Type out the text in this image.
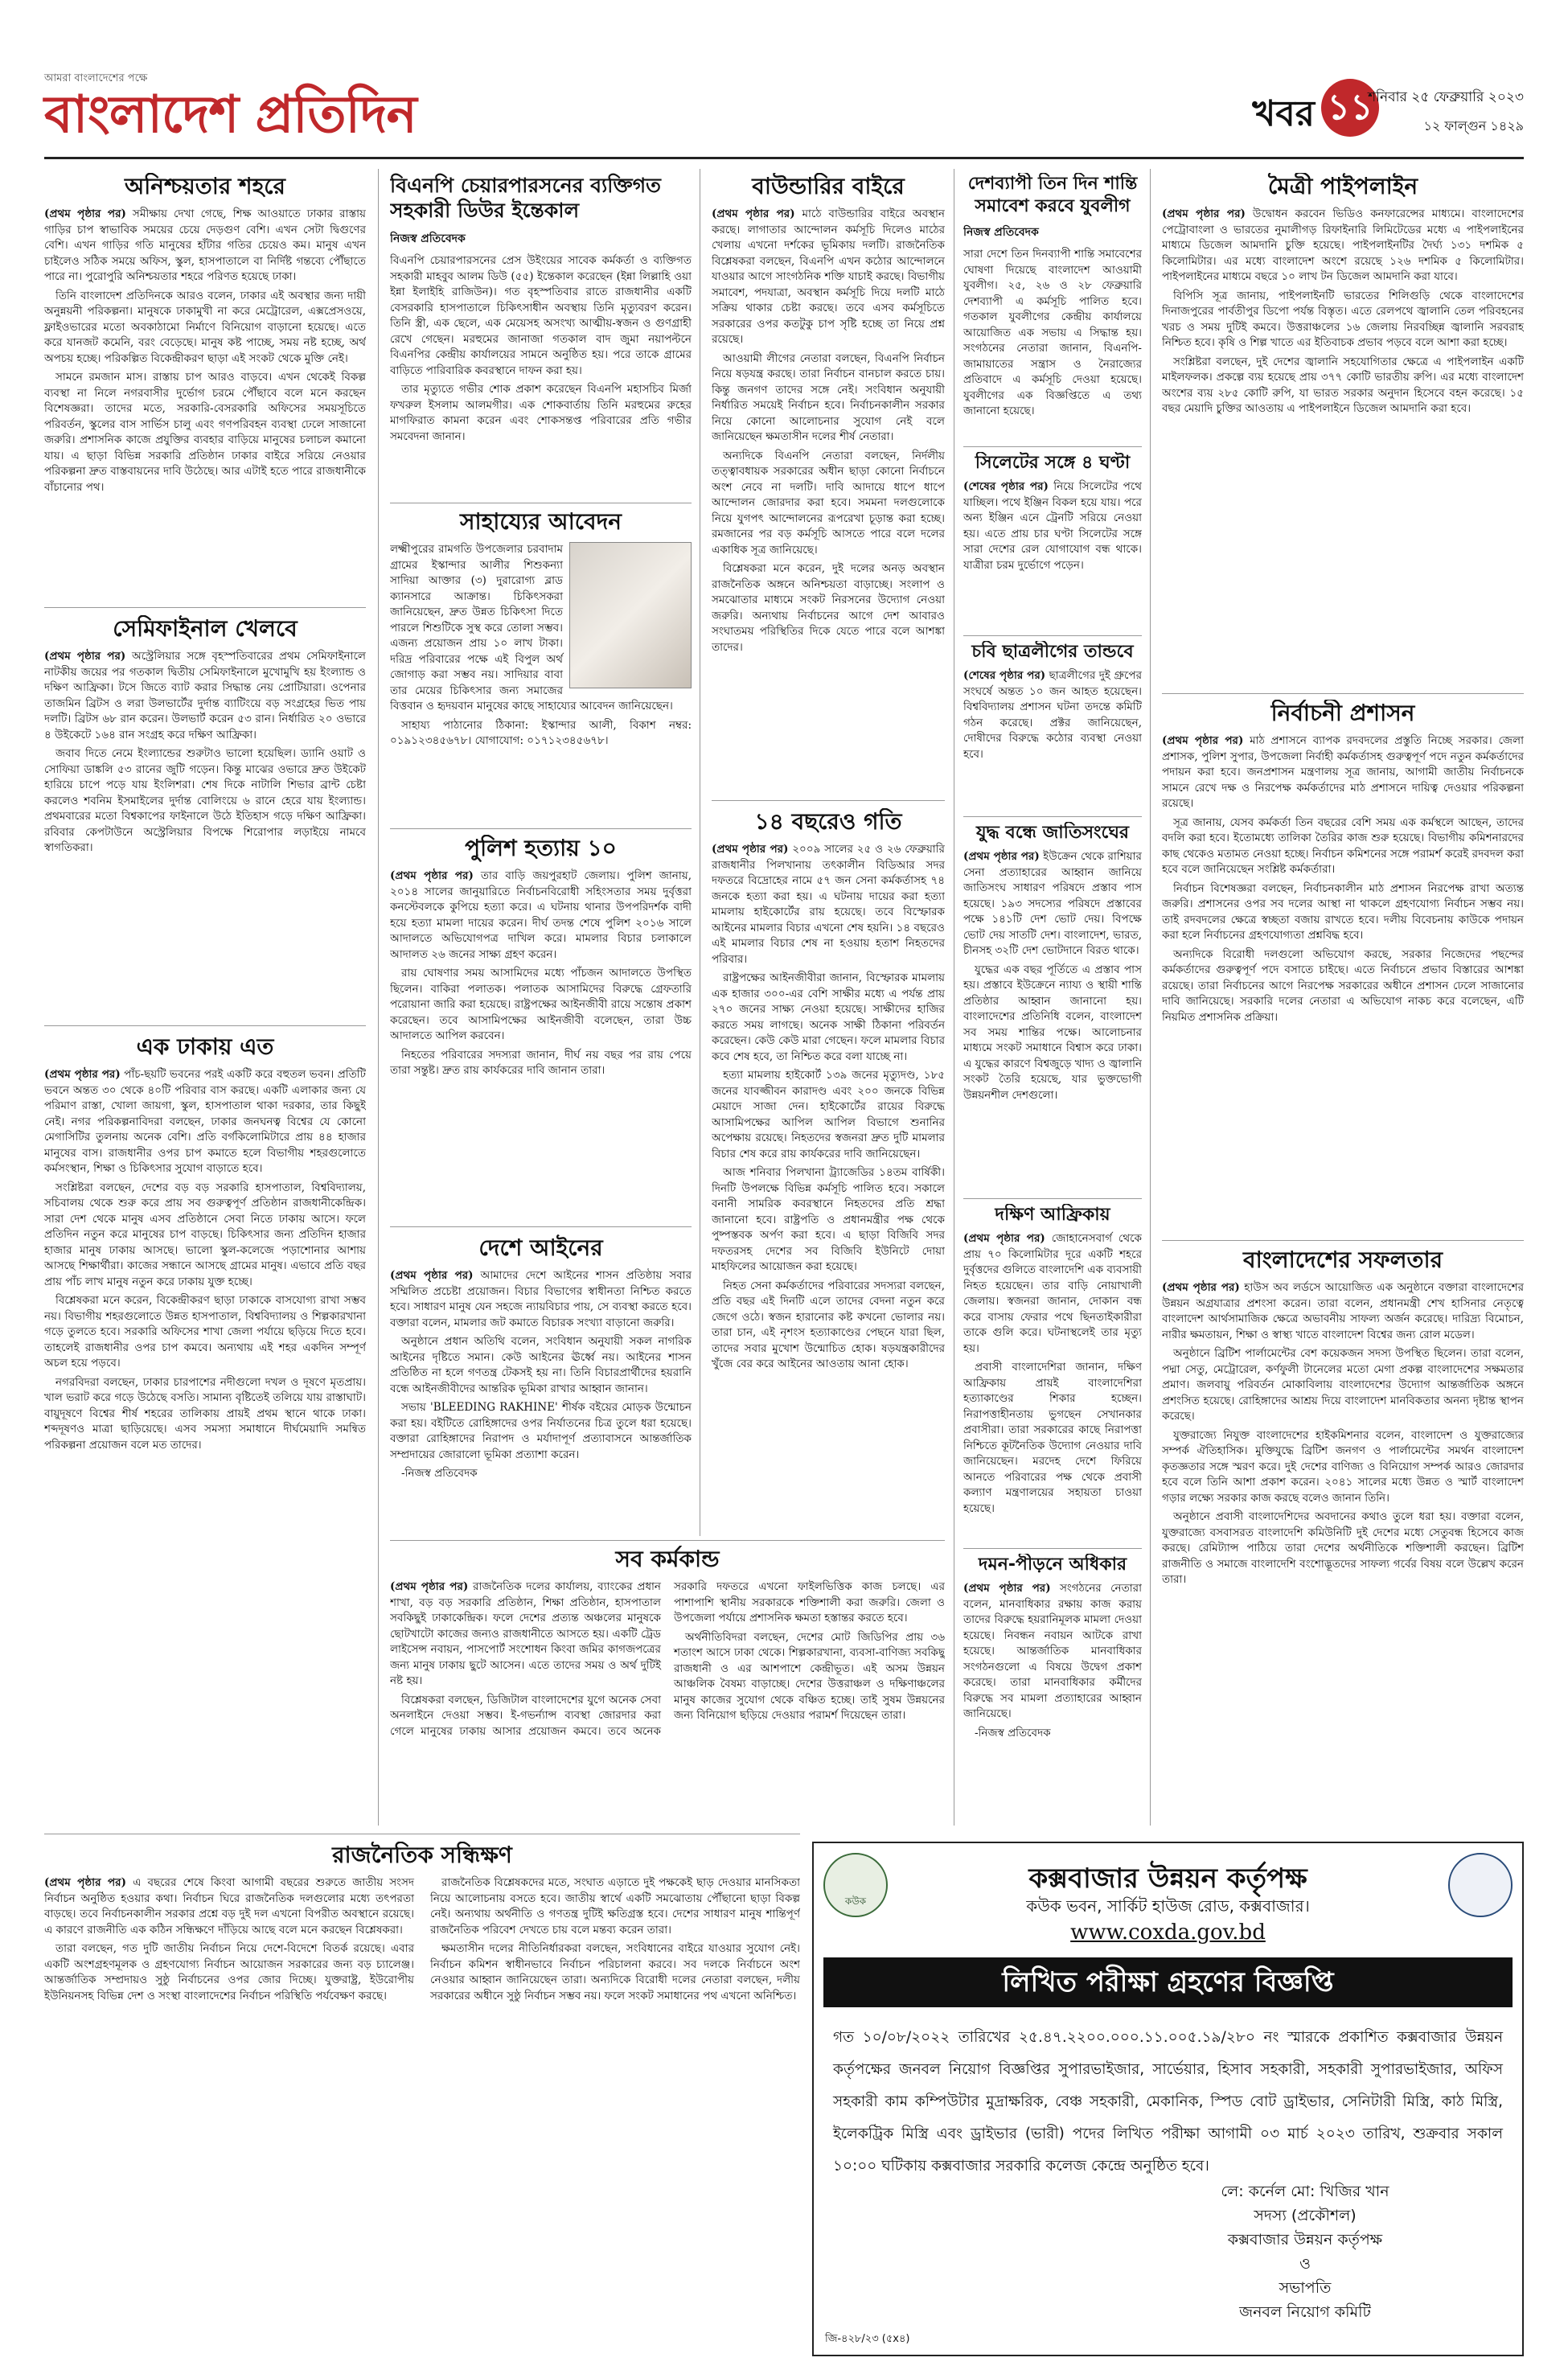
আমরা বাংলাদেশের পক্ষে
বাংলাদেশ প্রতিদিন	খবর ১১
শনিবার ২৫ ফেব্রুয়ারি ২০২৩
১২ ফাল্গুন ১৪২৯
অনিশ্চয়তার শহরে

(প্রথম পৃষ্ঠার পর) সমীক্ষায় দেখা গেছে, শিক্ষ আওয়াতে ঢাকার রাস্তায় গাড়ির চাপ স্বাভাবিক সময়ের চেয়ে দেড়গুণ বেশি। এখন সেটা দ্বিগুণের বেশি। এখন গাড়ির গতি মানুষের হাঁটার গতির চেয়েও কম। মানুষ এখন চাইলেও সঠিক সময়ে অফিস, স্কুল, হাসপাতালে বা নির্দিষ্ট গন্তব্যে পৌঁছাতে পারে না। পুরোপুরি অনিশ্চয়তার শহরে পরিণত হয়েছে ঢাকা।

তিনি বাংলাদেশ প্রতিদিনকে আরও বলেন, ঢাকার এই অবস্থার জন্য দায়ী অনুন্নয়নী পরিকল্পনা। মানুষকে ঢাকামুখী না করে মেট্রোরেল, এক্সপ্রেসওয়ে, ফ্লাইওভারের মতো অবকাঠামো নির্মাণে বিনিয়োগ বাড়ানো হয়েছে। এতে করে যানজট কমেনি, বরং বেড়েছে। মানুষ কষ্ট পাচ্ছে, সময় নষ্ট হচ্ছে, অর্থ অপচয় হচ্ছে। পরিকল্পিত বিকেন্দ্রীকরণ ছাড়া এই সংকট থেকে মুক্তি নেই।

সামনে রমজান মাস। রাস্তায় চাপ আরও বাড়বে। এখন থেকেই বিকল্প ব্যবস্থা না নিলে নগরবাসীর দুর্ভোগ চরমে পৌঁছাবে বলে মনে করছেন বিশেষজ্ঞরা। তাদের মতে, সরকারি-বেসরকারি অফিসের সময়সূচিতে পরিবর্তন, স্কুলের বাস সার্ভিস চালু এবং গণপরিবহন ব্যবস্থা ঢেলে সাজানো জরুরি। প্রশাসনিক কাজে প্রযুক্তির ব্যবহার বাড়িয়ে মানুষের চলাচল কমানো যায়। এ ছাড়া বিভিন্ন সরকারি প্রতিষ্ঠান ঢাকার বাইরে সরিয়ে নেওয়ার পরিকল্পনা দ্রুত বাস্তবায়নের দাবি উঠেছে। আর এটাই হতে পারে রাজধানীকে বাঁচানোর পথ।

সেমিফাইনাল খেলবে

(প্রথম পৃষ্ঠার পর) অস্ট্রেলিয়ার সঙ্গে বৃহস্পতিবারের প্রথম সেমিফাইনালে নাটকীয় জয়ের পর গতকাল দ্বিতীয় সেমিফাইনালে মুখোমুখি হয় ইংল্যান্ড ও দক্ষিণ আফ্রিকা। টসে জিতে ব্যাট করার সিদ্ধান্ত নেয় প্রোটিয়ারা। ওপেনার তাজমিন ব্রিটস ও লরা উলভার্টের দুর্দান্ত ব্যাটিংয়ে বড় সংগ্রহের ভিত পায় দলটি। ব্রিটস ৬৮ রান করেন। উলভার্ট করেন ৫৩ রান। নির্ধারিত ২০ ওভারে ৪ উইকেটে ১৬৪ রান সংগ্রহ করে দক্ষিণ আফ্রিকা।

জবাব দিতে নেমে ইংল্যান্ডের শুরুটাও ভালো হয়েছিল। ড্যানি ওয়াট ও সোফিয়া ডাঙ্কলি ৫৩ রানের জুটি গড়েন। কিন্তু মাঝের ওভারে দ্রুত উইকেট হারিয়ে চাপে পড়ে যায় ইংলিশরা। শেষ দিকে নাটালি শিভার ব্রান্ট চেষ্টা করলেও শবনিম ইসমাইলের দুর্দান্ত বোলিংয়ে ৬ রানে হেরে যায় ইংল্যান্ড। প্রথমবারের মতো বিশ্বকাপের ফাইনালে উঠে ইতিহাস গড়ে দক্ষিণ আফ্রিকা। রবিবার কেপটাউনে অস্ট্রেলিয়ার বিপক্ষে শিরোপার লড়াইয়ে নামবে স্বাগতিকরা।

এক ঢাকায় এত

(প্রথম পৃষ্ঠার পর) পাঁচ-ছয়টি ভবনের পরই একটি করে বহুতল ভবন। প্রতিটি ভবনে অন্তত ৩০ থেকে ৪০টি পরিবার বাস করছে। একটি এলাকার জন্য যে পরিমাণ রাস্তা, খোলা জায়গা, স্কুল, হাসপাতাল থাকা দরকার, তার কিছুই নেই। নগর পরিকল্পনাবিদরা বলছেন, ঢাকার জনঘনত্ব বিশ্বের যে কোনো মেগাসিটির তুলনায় অনেক বেশি। প্রতি বর্গকিলোমিটারে প্রায় ৪৪ হাজার মানুষের বাস। রাজধানীর ওপর চাপ কমাতে হলে বিভাগীয় শহরগুলোতে কর্মসংস্থান, শিক্ষা ও চিকিৎসার সুযোগ বাড়াতে হবে।

সংশ্লিষ্টরা বলছেন, দেশের বড় বড় সরকারি হাসপাতাল, বিশ্ববিদ্যালয়, সচিবালয় থেকে শুরু করে প্রায় সব গুরুত্বপূর্ণ প্রতিষ্ঠান রাজধানীকেন্দ্রিক। সারা দেশ থেকে মানুষ এসব প্রতিষ্ঠানে সেবা নিতে ঢাকায় আসে। ফলে প্রতিদিন নতুন করে মানুষের চাপ বাড়ছে। চিকিৎসার জন্য প্রতিদিন হাজার হাজার মানুষ ঢাকায় আসছে। ভালো স্কুল-কলেজে পড়াশোনার আশায় আসছে শিক্ষার্থীরা। কাজের সন্ধানে আসছে গ্রামের মানুষ। এভাবে প্রতি বছর প্রায় পাঁচ লাখ মানুষ নতুন করে ঢাকায় যুক্ত হচ্ছে।

বিশ্লেষকরা মনে করেন, বিকেন্দ্রীকরণ ছাড়া ঢাকাকে বাসযোগ্য রাখা সম্ভব নয়। বিভাগীয় শহরগুলোতে উন্নত হাসপাতাল, বিশ্ববিদ্যালয় ও শিল্পকারখানা গড়ে তুলতে হবে। সরকারি অফিসের শাখা জেলা পর্যায়ে ছড়িয়ে দিতে হবে। তাহলেই রাজধানীর ওপর চাপ কমবে। অন্যথায় এই শহর একদিন সম্পূর্ণ অচল হয়ে পড়বে।

নগরবিদরা বলছেন, ঢাকার চারপাশের নদীগুলো দখল ও দূষণে মৃতপ্রায়। খাল ভরাট করে গড়ে উঠেছে বসতি। সামান্য বৃষ্টিতেই তলিয়ে যায় রাস্তাঘাট। বায়ুদূষণে বিশ্বের শীর্ষ শহরের তালিকায় প্রায়ই প্রথম স্থানে থাকে ঢাকা। শব্দদূষণও মাত্রা ছাড়িয়েছে। এসব সমস্যা সমাধানে দীর্ঘমেয়াদি সমন্বিত পরিকল্পনা প্রয়োজন বলে মত তাদের।

বিএনপি চেয়ারপারসনের ব্যক্তিগত সহকারী ডিউর ইন্তেকাল
নিজস্ব প্রতিবেদক

বিএনপি চেয়ারপারসনের প্রেস উইংয়ের সাবেক কর্মকর্তা ও ব্যক্তিগত সহকারী মাহবুব আলম ডিউ (৫৫) ইন্তেকাল করেছেন (ইন্না লিল্লাহি ওয়া ইন্না ইলাইহি রাজিউন)। গত বৃহস্পতিবার রাতে রাজধানীর একটি বেসরকারি হাসপাতালে চিকিৎসাধীন অবস্থায় তিনি মৃত্যুবরণ করেন। তিনি স্ত্রী, এক ছেলে, এক মেয়েসহ অসংখ্য আত্মীয়-স্বজন ও গুণগ্রাহী রেখে গেছেন। মরহুমের জানাজা গতকাল বাদ জুমা নয়াপল্টনে বিএনপির কেন্দ্রীয় কার্যালয়ের সামনে অনুষ্ঠিত হয়। পরে তাকে গ্রামের বাড়িতে পারিবারিক কবরস্থানে দাফন করা হয়।

তার মৃত্যুতে গভীর শোক প্রকাশ করেছেন বিএনপি মহাসচিব মির্জা ফখরুল ইসলাম আলমগীর। এক শোকবার্তায় তিনি মরহুমের রুহের মাগফিরাত কামনা করেন এবং শোকসন্তপ্ত পরিবারের প্রতি গভীর সমবেদনা জানান।

সাহায্যের আবেদন

লক্ষ্মীপুরের রামগতি উপজেলার চরবাদাম গ্রামের ইস্কান্দার আলীর শিশুকন্যা সাদিয়া আক্তার (৩) দুরারোগ্য ব্লাড ক্যানসারে আক্রান্ত। চিকিৎসকরা জানিয়েছেন, দ্রুত উন্নত চিকিৎসা দিতে পারলে শিশুটিকে সুস্থ করে তোলা সম্ভব। এজন্য প্রয়োজন প্রায় ১০ লাখ টাকা। দরিদ্র পরিবারের পক্ষে এই বিপুল অর্থ জোগাড় করা সম্ভব নয়। সাদিয়ার বাবা তার মেয়ের চিকিৎসার জন্য সমাজের বিত্তবান ও হৃদয়বান মানুষের কাছে সাহায্যের আবেদন জানিয়েছেন।

সাহায্য পাঠানোর ঠিকানা: ইস্কান্দার আলী, বিকাশ নম্বর: ০১৯১২৩৪৫৬৭৮। যোগাযোগ: ০১৭১২৩৪৫৬৭৮।

পুলিশ হত্যায় ১০

(প্রথম পৃষ্ঠার পর) তার বাড়ি জয়পুরহাট জেলায়। পুলিশ জানায়, ২০১৪ সালের জানুয়ারিতে নির্বাচনবিরোধী সহিংসতার সময় দুর্বৃত্তরা কনস্টেবলকে কুপিয়ে হত্যা করে। এ ঘটনায় থানার উপপরিদর্শক বাদী হয়ে হত্যা মামলা দায়ের করেন। দীর্ঘ তদন্ত শেষে পুলিশ ২০১৬ সালে আদালতে অভিযোগপত্র দাখিল করে। মামলার বিচার চলাকালে আদালত ২৬ জনের সাক্ষ্য গ্রহণ করেন।

রায় ঘোষণার সময় আসামিদের মধ্যে পাঁচজন আদালতে উপস্থিত ছিলেন। বাকিরা পলাতক। পলাতক আসামিদের বিরুদ্ধে গ্রেফতারি পরোয়ানা জারি করা হয়েছে। রাষ্ট্রপক্ষের আইনজীবী রায়ে সন্তোষ প্রকাশ করেছেন। তবে আসামিপক্ষের আইনজীবী বলেছেন, তারা উচ্চ আদালতে আপিল করবেন।

নিহতের পরিবারের সদস্যরা জানান, দীর্ঘ নয় বছর পর রায় পেয়ে তারা সন্তুষ্ট। দ্রুত রায় কার্যকরের দাবি জানান তারা।

দেশে আইনের

(প্রথম পৃষ্ঠার পর) আমাদের দেশে আইনের শাসন প্রতিষ্ঠায় সবার সম্মিলিত প্রচেষ্টা প্রয়োজন। বিচার বিভাগের স্বাধীনতা নিশ্চিত করতে হবে। সাধারণ মানুষ যেন সহজে ন্যায়বিচার পায়, সে ব্যবস্থা করতে হবে। বক্তারা বলেন, মামলার জট কমাতে বিচারক সংখ্যা বাড়ানো জরুরি।

অনুষ্ঠানে প্রধান অতিথি বলেন, সংবিধান অনুযায়ী সকল নাগরিক আইনের দৃষ্টিতে সমান। কেউ আইনের ঊর্ধ্বে নয়। আইনের শাসন প্রতিষ্ঠিত না হলে গণতন্ত্র টেকসই হয় না। তিনি বিচারপ্রার্থীদের হয়রানি বন্ধে আইনজীবীদের আন্তরিক ভূমিকা রাখার আহ্বান জানান।

সভায় 'BLEEDING RAKHINE' শীর্ষক বইয়ের মোড়ক উন্মোচন করা হয়। বইটিতে রোহিঙ্গাদের ওপর নির্যাতনের চিত্র তুলে ধরা হয়েছে। বক্তারা রোহিঙ্গাদের নিরাপদ ও মর্যাদাপূর্ণ প্রত্যাবাসনে আন্তর্জাতিক সম্প্রদায়ের জোরালো ভূমিকা প্রত্যাশা করেন।

-নিজস্ব প্রতিবেদক

বাউন্ডারির বাইরে

(প্রথম পৃষ্ঠার পর) মাঠে বাউন্ডারির বাইরে অবস্থান করছে। লাগাতার আন্দোলন কর্মসূচি দিলেও মাঠের খেলায় এখনো দর্শকের ভূমিকায় দলটি। রাজনৈতিক বিশ্লেষকরা বলছেন, বিএনপি এখন কঠোর আন্দোলনে যাওয়ার আগে সাংগঠনিক শক্তি যাচাই করছে। বিভাগীয় সমাবেশ, পদযাত্রা, অবস্থান কর্মসূচি দিয়ে দলটি মাঠে সক্রিয় থাকার চেষ্টা করছে। তবে এসব কর্মসূচিতে সরকারের ওপর কতটুকু চাপ সৃষ্টি হচ্ছে তা নিয়ে প্রশ্ন রয়েছে।

আওয়ামী লীগের নেতারা বলছেন, বিএনপি নির্বাচন নিয়ে ষড়যন্ত্র করছে। তারা নির্বাচন বানচাল করতে চায়। কিন্তু জনগণ তাদের সঙ্গে নেই। সংবিধান অনুযায়ী নির্ধারিত সময়েই নির্বাচন হবে। নির্বাচনকালীন সরকার নিয়ে কোনো আলোচনার সুযোগ নেই বলে জানিয়েছেন ক্ষমতাসীন দলের শীর্ষ নেতারা।

অন্যদিকে বিএনপি নেতারা বলছেন, নির্দলীয় তত্ত্বাবধায়ক সরকারের অধীন ছাড়া কোনো নির্বাচনে অংশ নেবে না দলটি। দাবি আদায়ে ধাপে ধাপে আন্দোলন জোরদার করা হবে। সমমনা দলগুলোকে নিয়ে যুগপৎ আন্দোলনের রূপরেখা চূড়ান্ত করা হচ্ছে। রমজানের পর বড় কর্মসূচি আসতে পারে বলে দলের একাধিক সূত্র জানিয়েছে।

বিশ্লেষকরা মনে করেন, দুই দলের অনড় অবস্থান রাজনৈতিক অঙ্গনে অনিশ্চয়তা বাড়াচ্ছে। সংলাপ ও সমঝোতার মাধ্যমে সংকট নিরসনের উদ্যোগ নেওয়া জরুরি। অন্যথায় নির্বাচনের আগে দেশ আবারও সংঘাতময় পরিস্থিতির দিকে যেতে পারে বলে আশঙ্কা তাদের।

১৪ বছরেও গতি

(প্রথম পৃষ্ঠার পর) ২০০৯ সালের ২৫ ও ২৬ ফেব্রুয়ারি রাজধানীর পিলখানায় তৎকালীন বিডিআর সদর দফতরে বিদ্রোহের নামে ৫৭ জন সেনা কর্মকর্তাসহ ৭৪ জনকে হত্যা করা হয়। এ ঘটনায় দায়ের করা হত্যা মামলায় হাইকোর্টের রায় হয়েছে। তবে বিস্ফোরক আইনের মামলার বিচার এখনো শেষ হয়নি। ১৪ বছরেও এই মামলার বিচার শেষ না হওয়ায় হতাশ নিহতদের পরিবার।

রাষ্ট্রপক্ষের আইনজীবীরা জানান, বিস্ফোরক মামলায় এক হাজার ৩০০-এর বেশি সাক্ষীর মধ্যে এ পর্যন্ত প্রায় ২৭০ জনের সাক্ষ্য নেওয়া হয়েছে। সাক্ষীদের হাজির করতে সময় লাগছে। অনেক সাক্ষী ঠিকানা পরিবর্তন করেছেন। কেউ কেউ মারা গেছেন। ফলে মামলার বিচার কবে শেষ হবে, তা নিশ্চিত করে বলা যাচ্ছে না।

হত্যা মামলায় হাইকোর্ট ১৩৯ জনের মৃত্যুদণ্ড, ১৮৫ জনের যাবজ্জীবন কারাদণ্ড এবং ২০০ জনকে বিভিন্ন মেয়াদে সাজা দেন। হাইকোর্টের রায়ের বিরুদ্ধে আসামিপক্ষের আপিল আপিল বিভাগে শুনানির অপেক্ষায় রয়েছে। নিহতদের স্বজনরা দ্রুত দুটি মামলার বিচার শেষ করে রায় কার্যকরের দাবি জানিয়েছেন।

আজ শনিবার পিলখানা ট্র্যাজেডির ১৪তম বার্ষিকী। দিনটি উপলক্ষে বিভিন্ন কর্মসূচি পালিত হবে। সকালে বনানী সামরিক কবরস্থানে নিহতদের প্রতি শ্রদ্ধা জানানো হবে। রাষ্ট্রপতি ও প্রধানমন্ত্রীর পক্ষ থেকে পুষ্পস্তবক অর্পণ করা হবে। এ ছাড়া বিজিবি সদর দফতরসহ দেশের সব বিজিবি ইউনিটে দোয়া মাহফিলের আয়োজন করা হয়েছে।

নিহত সেনা কর্মকর্তাদের পরিবারের সদস্যরা বলছেন, প্রতি বছর এই দিনটি এলে তাদের বেদনা নতুন করে জেগে ওঠে। স্বজন হারানোর কষ্ট কখনো ভোলার নয়। তারা চান, এই নৃশংস হত্যাকাণ্ডের পেছনে যারা ছিল, তাদের সবার মুখোশ উন্মোচিত হোক। ষড়যন্ত্রকারীদের খুঁজে বের করে আইনের আওতায় আনা হোক।

দেশব্যাপী তিন দিন শান্তি সমাবেশ করবে যুবলীগ
নিজস্ব প্রতিবেদক

সারা দেশে তিন দিনব্যাপী শান্তি সমাবেশের ঘোষণা দিয়েছে বাংলাদেশ আওয়ামী যুবলীগ। ২৫, ২৬ ও ২৮ ফেব্রুয়ারি দেশব্যাপী এ কর্মসূচি পালিত হবে। গতকাল যুবলীগের কেন্দ্রীয় কার্যালয়ে আয়োজিত এক সভায় এ সিদ্ধান্ত হয়। সংগঠনের নেতারা জানান, বিএনপি-জামায়াতের সন্ত্রাস ও নৈরাজ্যের প্রতিবাদে এ কর্মসূচি দেওয়া হয়েছে। যুবলীগের এক বিজ্ঞপ্তিতে এ তথ্য জানানো হয়েছে।

সিলেটের সঙ্গে ৪ ঘণ্টা

(শেষের পৃষ্ঠার পর) নিয়ে সিলেটের পথে যাচ্ছিল। পথে ইঞ্জিন বিকল হয়ে যায়। পরে অন্য ইঞ্জিন এনে ট্রেনটি সরিয়ে নেওয়া হয়। এতে প্রায় চার ঘণ্টা সিলেটের সঙ্গে সারা দেশের রেল যোগাযোগ বন্ধ থাকে। যাত্রীরা চরম দুর্ভোগে পড়েন।

চবি ছাত্রলীগের তান্ডবে

(শেষের পৃষ্ঠার পর) ছাত্রলীগের দুই গ্রুপের সংঘর্ষে অন্তত ১০ জন আহত হয়েছেন। বিশ্ববিদ্যালয় প্রশাসন ঘটনা তদন্তে কমিটি গঠন করেছে। প্রক্টর জানিয়েছেন, দোষীদের বিরুদ্ধে কঠোর ব্যবস্থা নেওয়া হবে।

যুদ্ধ বন্ধে জাতিসংঘের

(প্রথম পৃষ্ঠার পর) ইউক্রেন থেকে রাশিয়ার সেনা প্রত্যাহারের আহ্বান জানিয়ে জাতিসংঘ সাধারণ পরিষদে প্রস্তাব পাস হয়েছে। ১৯৩ সদস্যের পরিষদে প্রস্তাবের পক্ষে ১৪১টি দেশ ভোট দেয়। বিপক্ষে ভোট দেয় সাতটি দেশ। বাংলাদেশ, ভারত, চীনসহ ৩২টি দেশ ভোটদানে বিরত থাকে।

যুদ্ধের এক বছর পূর্তিতে এ প্রস্তাব পাস হয়। প্রস্তাবে ইউক্রেনে ন্যায্য ও স্থায়ী শান্তি প্রতিষ্ঠার আহ্বান জানানো হয়। বাংলাদেশের প্রতিনিধি বলেন, বাংলাদেশ সব সময় শান্তির পক্ষে। আলোচনার মাধ্যমে সংকট সমাধানে বিশ্বাস করে ঢাকা। এ যুদ্ধের কারণে বিশ্বজুড়ে খাদ্য ও জ্বালানি সংকট তৈরি হয়েছে, যার ভুক্তভোগী উন্নয়নশীল দেশগুলো।

দক্ষিণ আফ্রিকায়

(প্রথম পৃষ্ঠার পর) জোহানেসবার্গ থেকে প্রায় ৭০ কিলোমিটার দূরে একটি শহরে দুর্বৃত্তদের গুলিতে বাংলাদেশি এক ব্যবসায়ী নিহত হয়েছেন। তার বাড়ি নোয়াখালী জেলায়। স্বজনরা জানান, দোকান বন্ধ করে বাসায় ফেরার পথে ছিনতাইকারীরা তাকে গুলি করে। ঘটনাস্থলেই তার মৃত্যু হয়।

প্রবাসী বাংলাদেশিরা জানান, দক্ষিণ আফ্রিকায় প্রায়ই বাংলাদেশিরা হত্যাকাণ্ডের শিকার হচ্ছেন। নিরাপত্তাহীনতায় ভুগছেন সেখানকার প্রবাসীরা। তারা সরকারের কাছে নিরাপত্তা নিশ্চিতে কূটনৈতিক উদ্যোগ নেওয়ার দাবি জানিয়েছেন। মরদেহ দেশে ফিরিয়ে আনতে পরিবারের পক্ষ থেকে প্রবাসী কল্যাণ মন্ত্রণালয়ের সহায়তা চাওয়া হয়েছে।

দমন-পীড়নে অধিকার

(প্রথম পৃষ্ঠার পর) সংগঠনের নেতারা বলেন, মানবাধিকার রক্ষায় কাজ করায় তাদের বিরুদ্ধে হয়রানিমূলক মামলা দেওয়া হয়েছে। নিবন্ধন নবায়ন আটকে রাখা হয়েছে। আন্তর্জাতিক মানবাধিকার সংগঠনগুলো এ বিষয়ে উদ্বেগ প্রকাশ করেছে। তারা মানবাধিকার কর্মীদের বিরুদ্ধে সব মামলা প্রত্যাহারের আহ্বান জানিয়েছে।

-নিজস্ব প্রতিবেদক

মৈত্রী পাইপলাইন

(প্রথম পৃষ্ঠার পর) উদ্বোধন করবেন ভিডিও কনফারেন্সের মাধ্যমে। বাংলাদেশের পেট্রোবাংলা ও ভারতের নুমালীগড় রিফাইনারি লিমিটেডের মধ্যে এ পাইপলাইনের মাধ্যমে ডিজেল আমদানি চুক্তি হয়েছে। পাইপলাইনটির দৈর্ঘ্য ১৩১ দশমিক ৫ কিলোমিটার। এর মধ্যে বাংলাদেশ অংশে রয়েছে ১২৬ দশমিক ৫ কিলোমিটার। পাইপলাইনের মাধ্যমে বছরে ১০ লাখ টন ডিজেল আমদানি করা যাবে।

বিপিসি সূত্র জানায়, পাইপলাইনটি ভারতের শিলিগুড়ি থেকে বাংলাদেশের দিনাজপুরের পার্বতীপুর ডিপো পর্যন্ত বিস্তৃত। এতে রেলপথে জ্বালানি তেল পরিবহনের খরচ ও সময় দুটিই কমবে। উত্তরাঞ্চলের ১৬ জেলায় নিরবচ্ছিন্ন জ্বালানি সরবরাহ নিশ্চিত হবে। কৃষি ও শিল্প খাতে এর ইতিবাচক প্রভাব পড়বে বলে আশা করা হচ্ছে।

সংশ্লিষ্টরা বলছেন, দুই দেশের জ্বালানি সহযোগিতার ক্ষেত্রে এ পাইপলাইন একটি মাইলফলক। প্রকল্পে ব্যয় হয়েছে প্রায় ৩৭৭ কোটি ভারতীয় রুপি। এর মধ্যে বাংলাদেশ অংশের ব্যয় ২৮৫ কোটি রুপি, যা ভারত সরকার অনুদান হিসেবে বহন করেছে। ১৫ বছর মেয়াদি চুক্তির আওতায় এ পাইপলাইনে ডিজেল আমদানি করা হবে।

নির্বাচনী প্রশাসন

(প্রথম পৃষ্ঠার পর) মাঠ প্রশাসনে ব্যাপক রদবদলের প্রস্তুতি নিচ্ছে সরকার। জেলা প্রশাসক, পুলিশ সুপার, উপজেলা নির্বাহী কর্মকর্তাসহ গুরুত্বপূর্ণ পদে নতুন কর্মকর্তাদের পদায়ন করা হবে। জনপ্রশাসন মন্ত্রণালয় সূত্র জানায়, আগামী জাতীয় নির্বাচনকে সামনে রেখে দক্ষ ও নিরপেক্ষ কর্মকর্তাদের মাঠ প্রশাসনে দায়িত্ব দেওয়ার পরিকল্পনা রয়েছে।

সূত্র জানায়, যেসব কর্মকর্তা তিন বছরের বেশি সময় এক কর্মস্থলে আছেন, তাদের বদলি করা হবে। ইতোমধ্যে তালিকা তৈরির কাজ শুরু হয়েছে। বিভাগীয় কমিশনারদের কাছ থেকেও মতামত নেওয়া হচ্ছে। নির্বাচন কমিশনের সঙ্গে পরামর্শ করেই রদবদল করা হবে বলে জানিয়েছেন সংশ্লিষ্ট কর্মকর্তারা।

নির্বাচন বিশেষজ্ঞরা বলছেন, নির্বাচনকালীন মাঠ প্রশাসন নিরপেক্ষ রাখা অত্যন্ত জরুরি। প্রশাসনের ওপর সব দলের আস্থা না থাকলে গ্রহণযোগ্য নির্বাচন সম্ভব নয়। তাই রদবদলের ক্ষেত্রে স্বচ্ছতা বজায় রাখতে হবে। দলীয় বিবেচনায় কাউকে পদায়ন করা হলে নির্বাচনের গ্রহণযোগ্যতা প্রশ্নবিদ্ধ হবে।

অন্যদিকে বিরোধী দলগুলো অভিযোগ করছে, সরকার নিজেদের পছন্দের কর্মকর্তাদের গুরুত্বপূর্ণ পদে বসাতে চাইছে। এতে নির্বাচনে প্রভাব বিস্তারের আশঙ্কা রয়েছে। তারা নির্বাচনের আগে নিরপেক্ষ সরকারের অধীনে প্রশাসন ঢেলে সাজানোর দাবি জানিয়েছে। সরকারি দলের নেতারা এ অভিযোগ নাকচ করে বলেছেন, এটি নিয়মিত প্রশাসনিক প্রক্রিয়া।

বাংলাদেশের সফলতার

(প্রথম পৃষ্ঠার পর) হাউস অব লর্ডসে আয়োজিত এক অনুষ্ঠানে বক্তারা বাংলাদেশের উন্নয়ন অগ্রযাত্রার প্রশংসা করেন। তারা বলেন, প্রধানমন্ত্রী শেখ হাসিনার নেতৃত্বে বাংলাদেশ আর্থসামাজিক ক্ষেত্রে অভাবনীয় সাফল্য অর্জন করেছে। দারিদ্র্য বিমোচন, নারীর ক্ষমতায়ন, শিক্ষা ও স্বাস্থ্য খাতে বাংলাদেশ বিশ্বের জন্য রোল মডেল।

অনুষ্ঠানে ব্রিটিশ পার্লামেন্টের বেশ কয়েকজন সদস্য উপস্থিত ছিলেন। তারা বলেন, পদ্মা সেতু, মেট্রোরেল, কর্ণফুলী টানেলের মতো মেগা প্রকল্প বাংলাদেশের সক্ষমতার প্রমাণ। জলবায়ু পরিবর্তন মোকাবিলায় বাংলাদেশের উদ্যোগ আন্তর্জাতিক অঙ্গনে প্রশংসিত হয়েছে। রোহিঙ্গাদের আশ্রয় দিয়ে বাংলাদেশ মানবিকতার অনন্য দৃষ্টান্ত স্থাপন করেছে।

যুক্তরাজ্যে নিযুক্ত বাংলাদেশের হাইকমিশনার বলেন, বাংলাদেশ ও যুক্তরাজ্যের সম্পর্ক ঐতিহাসিক। মুক্তিযুদ্ধে ব্রিটিশ জনগণ ও পার্লামেন্টের সমর্থন বাংলাদেশ কৃতজ্ঞতার সঙ্গে স্মরণ করে। দুই দেশের বাণিজ্য ও বিনিয়োগ সম্পর্ক আরও জোরদার হবে বলে তিনি আশা প্রকাশ করেন। ২০৪১ সালের মধ্যে উন্নত ও স্মার্ট বাংলাদেশ গড়ার লক্ষ্যে সরকার কাজ করছে বলেও জানান তিনি।

অনুষ্ঠানে প্রবাসী বাংলাদেশিদের অবদানের কথাও তুলে ধরা হয়। বক্তারা বলেন, যুক্তরাজ্যে বসবাসরত বাংলাদেশি কমিউনিটি দুই দেশের মধ্যে সেতুবন্ধ হিসেবে কাজ করছে। রেমিট্যান্স পাঠিয়ে তারা দেশের অর্থনীতিকে শক্তিশালী করছেন। ব্রিটিশ রাজনীতি ও সমাজে বাংলাদেশি বংশোদ্ভূতদের সাফল্য গর্বের বিষয় বলে উল্লেখ করেন তারা।

সব কর্মকান্ড

(প্রথম পৃষ্ঠার পর) রাজনৈতিক দলের কার্যালয়, ব্যাংকের প্রধান শাখা, বড় বড় সরকারি প্রতিষ্ঠান, শিক্ষা প্রতিষ্ঠান, হাসপাতাল সবকিছুই ঢাকাকেন্দ্রিক। ফলে দেশের প্রত্যন্ত অঞ্চলের মানুষকে ছোটখাটো কাজের জন্যও রাজধানীতে আসতে হয়। একটি ট্রেড লাইসেন্স নবায়ন, পাসপোর্ট সংশোধন কিংবা জমির কাগজপত্রের জন্য মানুষ ঢাকায় ছুটে আসেন। এতে তাদের সময় ও অর্থ দুটিই নষ্ট হয়।

বিশ্লেষকরা বলছেন, ডিজিটাল বাংলাদেশের যুগে অনেক সেবা অনলাইনে দেওয়া সম্ভব। ই-গভর্ন্যান্স ব্যবস্থা জোরদার করা গেলে মানুষের ঢাকায় আসার প্রয়োজন কমবে। তবে অনেক সরকারি দফতরে এখনো ফাইলভিত্তিক কাজ চলছে। এর পাশাপাশি স্থানীয় সরকারকে শক্তিশালী করা জরুরি। জেলা ও উপজেলা পর্যায়ে প্রশাসনিক ক্ষমতা হস্তান্তর করতে হবে।

অর্থনীতিবিদরা বলছেন, দেশের মোট জিডিপির প্রায় ৩৬ শতাংশ আসে ঢাকা থেকে। শিল্পকারখানা, ব্যবসা-বাণিজ্য সবকিছু রাজধানী ও এর আশপাশে কেন্দ্রীভূত। এই অসম উন্নয়ন আঞ্চলিক বৈষম্য বাড়াচ্ছে। দেশের উত্তরাঞ্চল ও দক্ষিণাঞ্চলের মানুষ কাজের সুযোগ থেকে বঞ্চিত হচ্ছে। তাই সুষম উন্নয়নের জন্য বিনিয়োগ ছড়িয়ে দেওয়ার পরামর্শ দিয়েছেন তারা।

রাজনৈতিক সন্ধিক্ষণ

(প্রথম পৃষ্ঠার পর) এ বছরের শেষে কিংবা আগামী বছরের শুরুতে জাতীয় সংসদ নির্বাচন অনুষ্ঠিত হওয়ার কথা। নির্বাচন ঘিরে রাজনৈতিক দলগুলোর মধ্যে তৎপরতা বাড়ছে। তবে নির্বাচনকালীন সরকার প্রশ্নে বড় দুই দল এখনো বিপরীত অবস্থানে রয়েছে। এ কারণে রাজনীতি এক কঠিন সন্ধিক্ষণে দাঁড়িয়ে আছে বলে মনে করছেন বিশ্লেষকরা।

তারা বলছেন, গত দুটি জাতীয় নির্বাচন নিয়ে দেশে-বিদেশে বিতর্ক রয়েছে। এবার একটি অংশগ্রহণমূলক ও গ্রহণযোগ্য নির্বাচন আয়োজন সরকারের জন্য বড় চ্যালেঞ্জ। আন্তর্জাতিক সম্প্রদায়ও সুষ্ঠু নির্বাচনের ওপর জোর দিচ্ছে। যুক্তরাষ্ট্র, ইউরোপীয় ইউনিয়নসহ বিভিন্ন দেশ ও সংস্থা বাংলাদেশের নির্বাচন পরিস্থিতি পর্যবেক্ষণ করছে।

রাজনৈতিক বিশ্লেষকদের মতে, সংঘাত এড়াতে দুই পক্ষকেই ছাড় দেওয়ার মানসিকতা নিয়ে আলোচনায় বসতে হবে। জাতীয় স্বার্থে একটি সমঝোতায় পৌঁছানো ছাড়া বিকল্প নেই। অন্যথায় অর্থনীতি ও গণতন্ত্র দুটিই ক্ষতিগ্রস্ত হবে। দেশের সাধারণ মানুষ শান্তিপূর্ণ রাজনৈতিক পরিবেশ দেখতে চায় বলে মন্তব্য করেন তারা।

ক্ষমতাসীন দলের নীতিনির্ধারকরা বলছেন, সংবিধানের বাইরে যাওয়ার সুযোগ নেই। নির্বাচন কমিশন স্বাধীনভাবে নির্বাচন পরিচালনা করবে। সব দলকে নির্বাচনে অংশ নেওয়ার আহ্বান জানিয়েছেন তারা। অন্যদিকে বিরোধী দলের নেতারা বলছেন, দলীয় সরকারের অধীনে সুষ্ঠু নির্বাচন সম্ভব নয়। ফলে সংকট সমাধানের পথ এখনো অনিশ্চিত।

কউক
কক্সবাজার উন্নয়ন কর্তৃপক্ষ
কউক ভবন, সার্কিট হাউজ রোড, কক্সবাজার।
www.coxda.gov.bd
লিখিত পরীক্ষা গ্রহণের বিজ্ঞপ্তি
গত ১০/০৮/২০২২ তারিখের ২৫.৪৭.২২০০.০০০.১১.০০৫.১৯/২৮০ নং স্মারকে প্রকাশিত কক্সবাজার উন্নয়ন কর্তৃপক্ষের জনবল নিয়োগ বিজ্ঞপ্তির সুপারভাইজার, সার্ভেয়ার, হিসাব সহকারী, সহকারী সুপারভাইজার, অফিস সহকারী কাম কম্পিউটার মুদ্রাক্ষরিক, বেঞ্চ সহকারী, মেকানিক, স্পিড বোট ড্রাইভার, সেনিটারী মিস্ত্রি, কাঠ মিস্ত্রি, ইলেকট্রিক মিস্ত্রি এবং ড্রাইভার (ভারী) পদের লিখিত পরীক্ষা আগামী ০৩ মার্চ ২০২৩ তারিখ, শুক্রবার সকাল ১০:০০ ঘটিকায় কক্সবাজার সরকারি কলেজ কেন্দ্রে অনুষ্ঠিত হবে।
লে: কর্নেল মো: খিজির খান
সদস্য (প্রকৌশল)
কক্সবাজার উন্নয়ন কর্তৃপক্ষ
ও
সভাপতি
জনবল নিয়োগ কমিটি
জি-৪২৮/২৩ (৫x৪)
